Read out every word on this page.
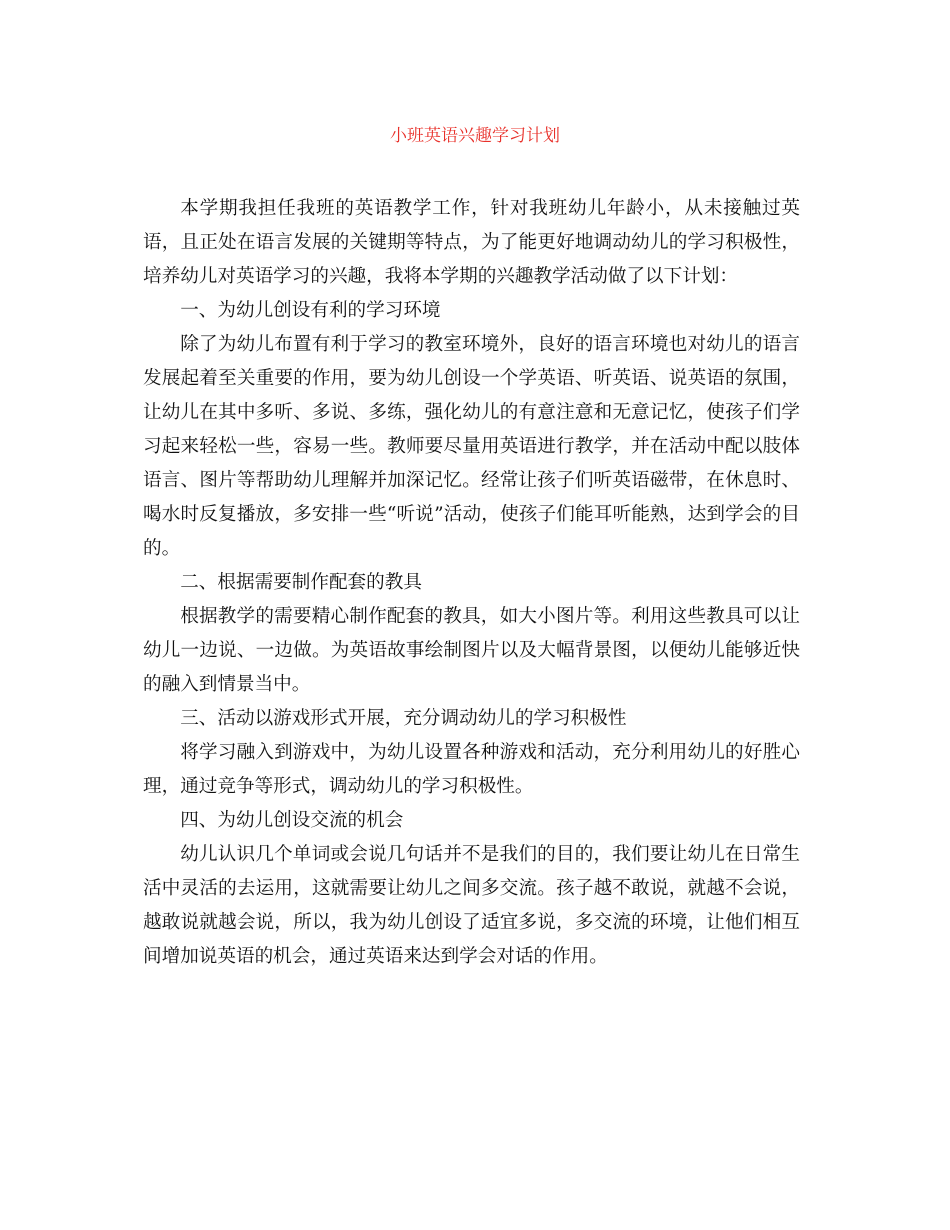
小班英语兴趣学习计划

本学期我担任我班的英语教学工作，针对我班幼儿年龄小，从未接触过英语，且正处在语言发展的关键期等特点，为了能更好地调动幼儿的学习积极性，培养幼儿对英语学习的兴趣，我将本学期的兴趣教学活动做了以下计划：

一、为幼儿创设有利的学习环境

除了为幼儿布置有利于学习的教室环境外，良好的语言环境也对幼儿的语言发展起着至关重要的作用，要为幼儿创设一个学英语、听英语、说英语的氛围，让幼儿在其中多听、多说、多练，强化幼儿的有意注意和无意记忆，使孩子们学习起来轻松一些，容易一些。教师要尽量用英语进行教学，并在活动中配以肢体语言、图片等帮助幼儿理解并加深记忆。经常让孩子们听英语磁带，在休息时、喝水时反复播放，多安排一些“听说”活动，使孩子们能耳听能熟，达到学会的目的。

二、根据需要制作配套的教具

根据教学的需要精心制作配套的教具，如大小图片等。利用这些教具可以让幼儿一边说、一边做。为英语故事绘制图片以及大幅背景图，以便幼儿能够近快的融入到情景当中。

三、活动以游戏形式开展，充分调动幼儿的学习积极性

将学习融入到游戏中，为幼儿设置各种游戏和活动，充分利用幼儿的好胜心理，通过竞争等形式，调动幼儿的学习积极性。

四、为幼儿创设交流的机会

幼儿认识几个单词或会说几句话并不是我们的目的，我们要让幼儿在日常生活中灵活的去运用，这就需要让幼儿之间多交流。孩子越不敢说，就越不会说，越敢说就越会说，所以，我为幼儿创设了适宜多说，多交流的环境，让他们相互间增加说英语的机会，通过英语来达到学会对话的作用。
